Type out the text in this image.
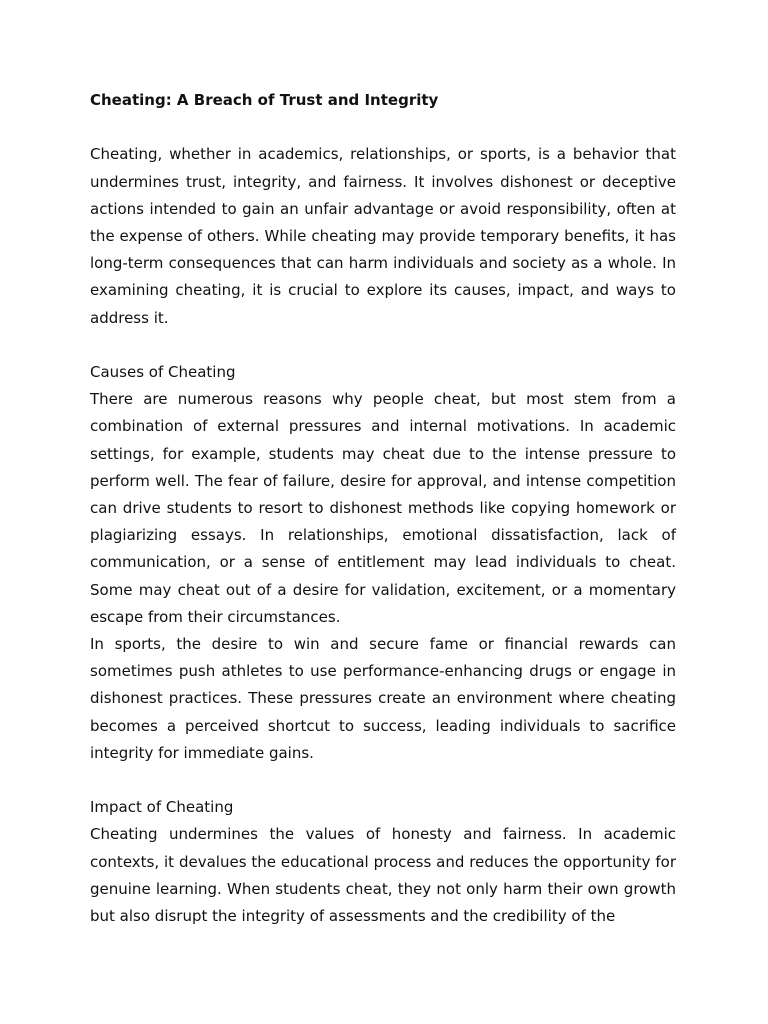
Cheating: A Breach of Trust and Integrity

Cheating, whether in academics, relationships, or sports, is a behavior that undermines trust, integrity, and fairness. It involves dishonest or deceptive actions intended to gain an unfair advantage or avoid responsibility, often at the expense of others. While cheating may provide temporary benefits, it has long-term consequences that can harm individuals and society as a whole. In examining cheating, it is crucial to explore its causes, impact, and ways to address it.

Causes of Cheating

There are numerous reasons why people cheat, but most stem from a combination of external pressures and internal motivations. In academic settings, for example, students may cheat due to the intense pressure to perform well. The fear of failure, desire for approval, and intense competition can drive students to resort to dishonest methods like copying homework or plagiarizing essays. In relationships, emotional dissatisfaction, lack of communication, or a sense of entitlement may lead individuals to cheat. Some may cheat out of a desire for validation, excitement, or a momentary escape from their circumstances.

In sports, the desire to win and secure fame or financial rewards can sometimes push athletes to use performance-enhancing drugs or engage in dishonest practices. These pressures create an environment where cheating becomes a perceived shortcut to success, leading individuals to sacrifice integrity for immediate gains.

Impact of Cheating

Cheating undermines the values of honesty and fairness. In academic contexts, it devalues the educational process and reduces the opportunity for genuine learning. When students cheat, they not only harm their own growth but also disrupt the integrity of assessments and the credibility of the
